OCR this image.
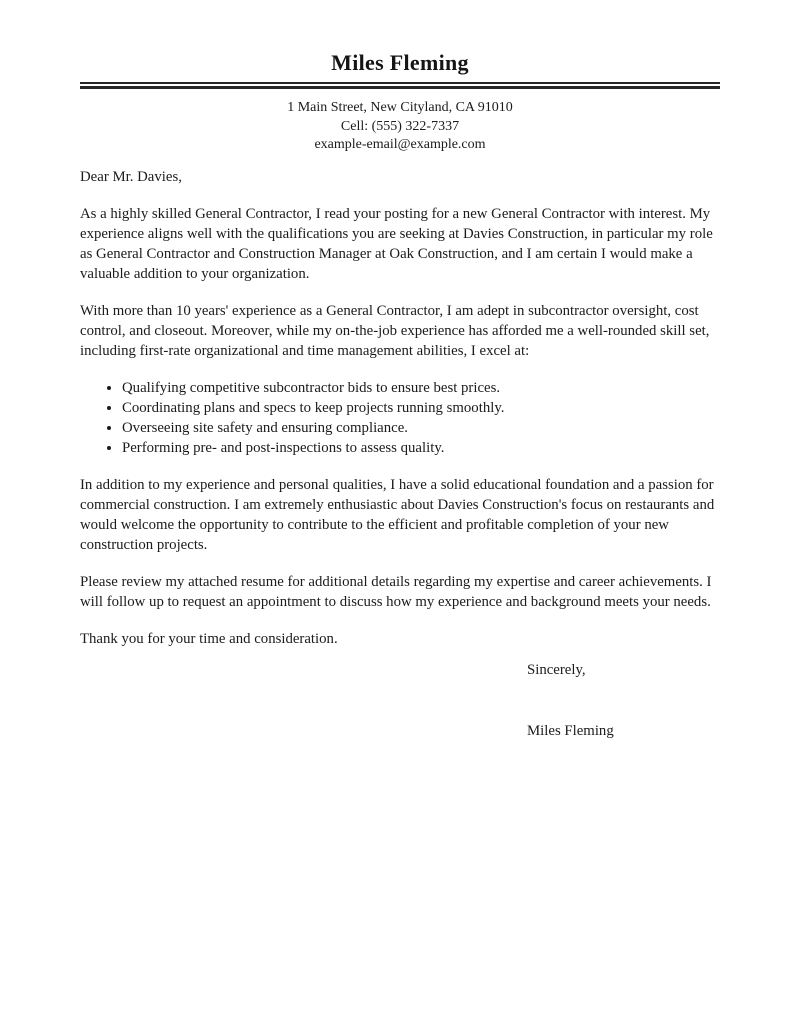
Miles Fleming
1 Main Street, New Cityland, CA 91010
Cell: (555) 322-7337
example-email@example.com

Dear Mr. Davies,

As a highly skilled General Contractor, I read your posting for a new General Contractor with interest. My experience aligns well with the qualifications you are seeking at Davies Construction, in particular my role as General Contractor and Construction Manager at Oak Construction, and I am certain I would make a valuable addition to your organization.

With more than 10 years' experience as a General Contractor, I am adept in subcontractor oversight, cost control, and closeout. Moreover, while my on-the-job experience has afforded me a well-rounded skill set, including first-rate organizational and time management abilities, I excel at:

• Qualifying competitive subcontractor bids to ensure best prices.
• Coordinating plans and specs to keep projects running smoothly.
• Overseeing site safety and ensuring compliance.
• Performing pre- and post-inspections to assess quality.

In addition to my experience and personal qualities, I have a solid educational foundation and a passion for commercial construction. I am extremely enthusiastic about Davies Construction's focus on restaurants and would welcome the opportunity to contribute to the efficient and profitable completion of your new construction projects.

Please review my attached resume for additional details regarding my expertise and career achievements. I will follow up to request an appointment to discuss how my experience and background meets your needs.

Thank you for your time and consideration.

Sincerely,

Miles Fleming
